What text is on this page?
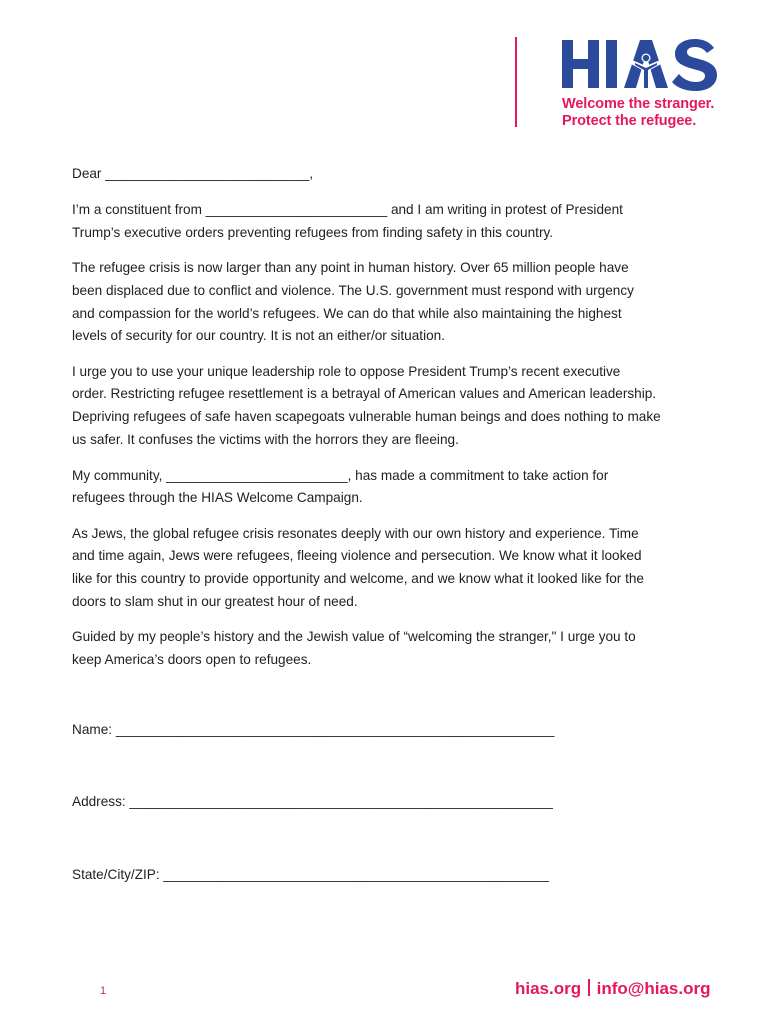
Welcome the stranger.
Protect the refugee.
Dear ___________________________,
I’m a constituent from ________________________ and I am writing in protest of President
Trump’s executive orders preventing refugees from finding safety in this country.
The refugee crisis is now larger than any point in human history. Over 65 million people have
been displaced due to conflict and violence. The U.S. government must respond with urgency
and compassion for the world’s refugees. We can do that while also maintaining the highest
levels of security for our country. It is not an either/or situation.
I urge you to use your unique leadership role to oppose President Trump’s recent executive
order. Restricting refugee resettlement is a betrayal of American values and American leadership.
Depriving refugees of safe haven scapegoats vulnerable human beings and does nothing to make
us safer. It confuses the victims with the horrors they are fleeing.
My community, ________________________, has made a commitment to take action for
refugees through the HIAS Welcome Campaign.
As Jews, the global refugee crisis resonates deeply with our own history and experience. Time
and time again, Jews were refugees, fleeing violence and persecution. We know what it looked
like for this country to provide opportunity and welcome, and we know what it looked like for the
doors to slam shut in our greatest hour of need.
Guided by my people’s history and the Jewish value of “welcoming the stranger," I urge you to
keep America’s doors open to refugees.
Name: __________________________________________________________
Address: ________________________________________________________
State/City/ZIP: ___________________________________________________
1	hias.org info@hias.org
